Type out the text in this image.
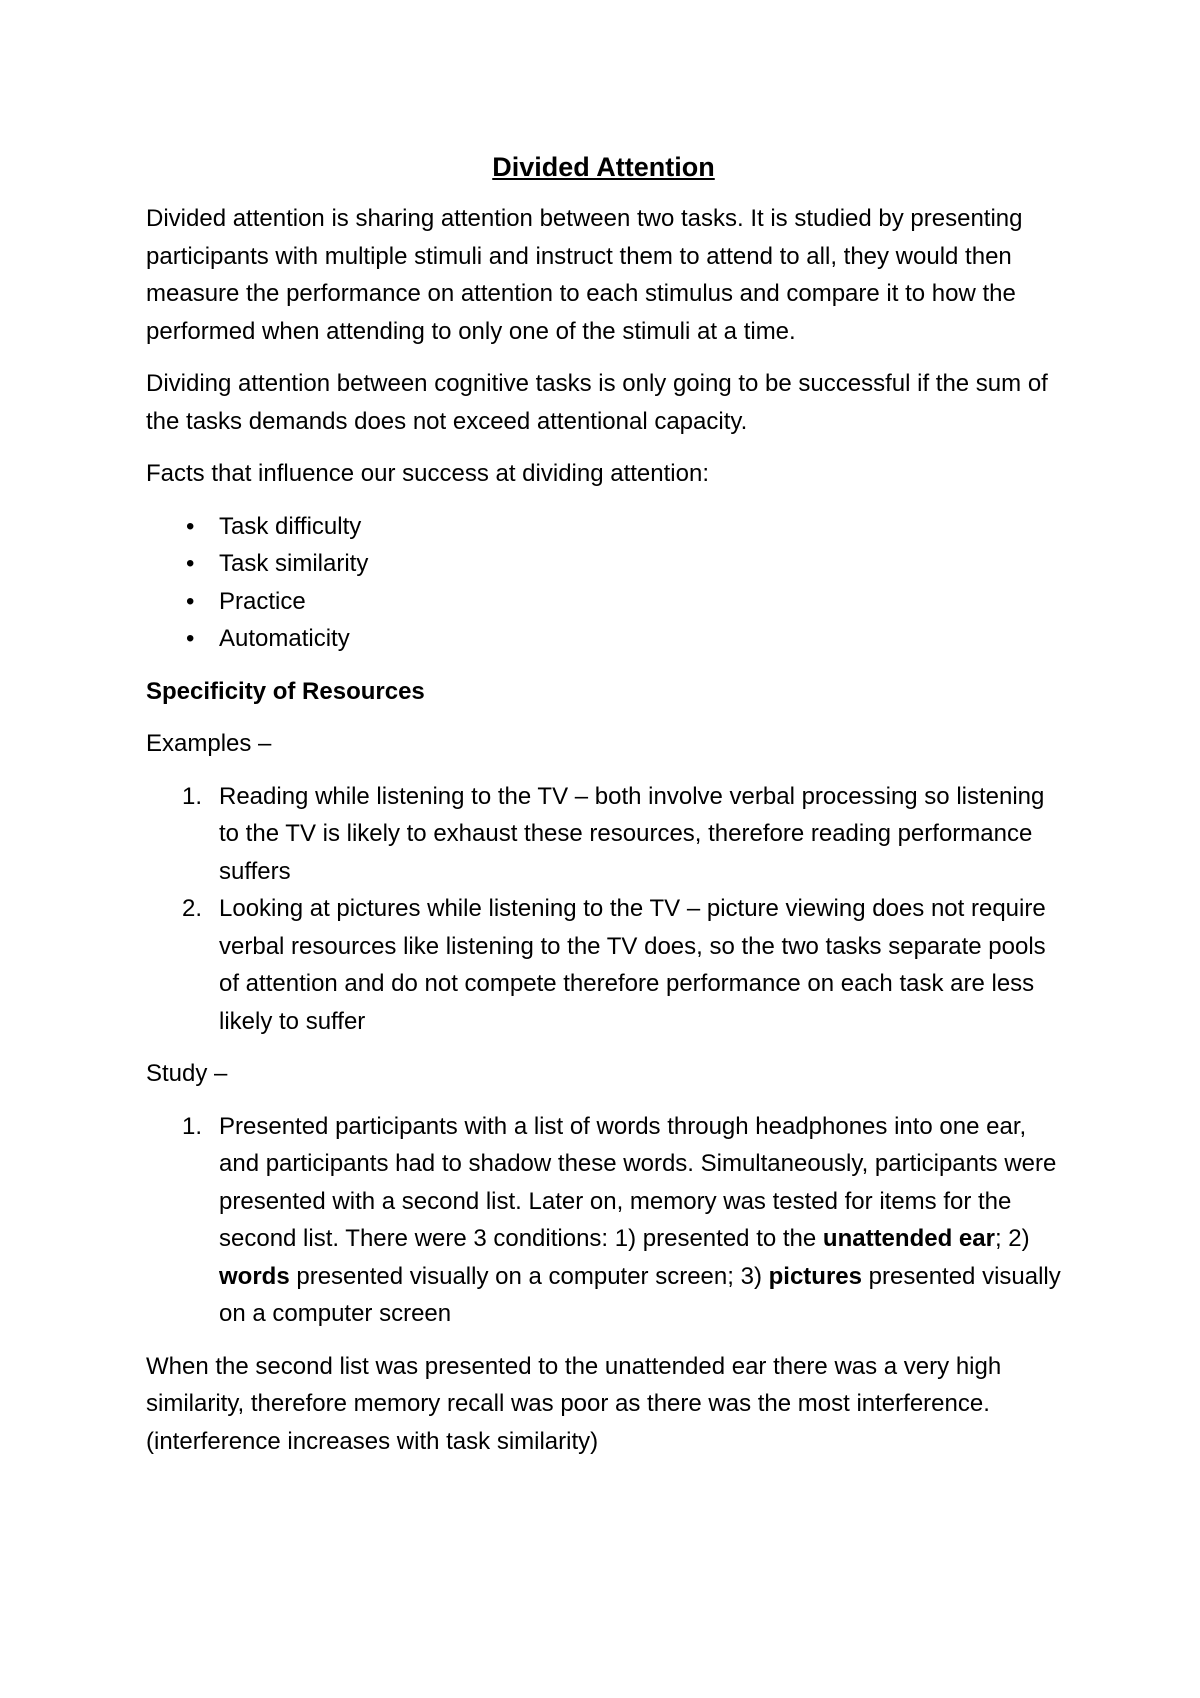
Divided Attention

Divided attention is sharing attention between two tasks. It is studied by presenting participants with multiple stimuli and instruct them to attend to all, they would then measure the performance on attention to each stimulus and compare it to how the performed when attending to only one of the stimuli at a time.

Dividing attention between cognitive tasks is only going to be successful if the sum of the tasks demands does not exceed attentional capacity.

Facts that influence our success at dividing attention:

• Task difficulty
• Task similarity
• Practice
• Automaticity

Specificity of Resources

Examples –

1. Reading while listening to the TV – both involve verbal processing so listening to the TV is likely to exhaust these resources, therefore reading performance suffers
2. Looking at pictures while listening to the TV – picture viewing does not require verbal resources like listening to the TV does, so the two tasks separate pools of attention and do not compete therefore performance on each task are less likely to suffer

Study –

1. Presented participants with a list of words through headphones into one ear, and participants had to shadow these words. Simultaneously, participants were presented with a second list. Later on, memory was tested for items for the second list. There were 3 conditions: 1) presented to the unattended ear; 2) words presented visually on a computer screen; 3) pictures presented visually on a computer screen

When the second list was presented to the unattended ear there was a very high similarity, therefore memory recall was poor as there was the most interference. (interference increases with task similarity)
